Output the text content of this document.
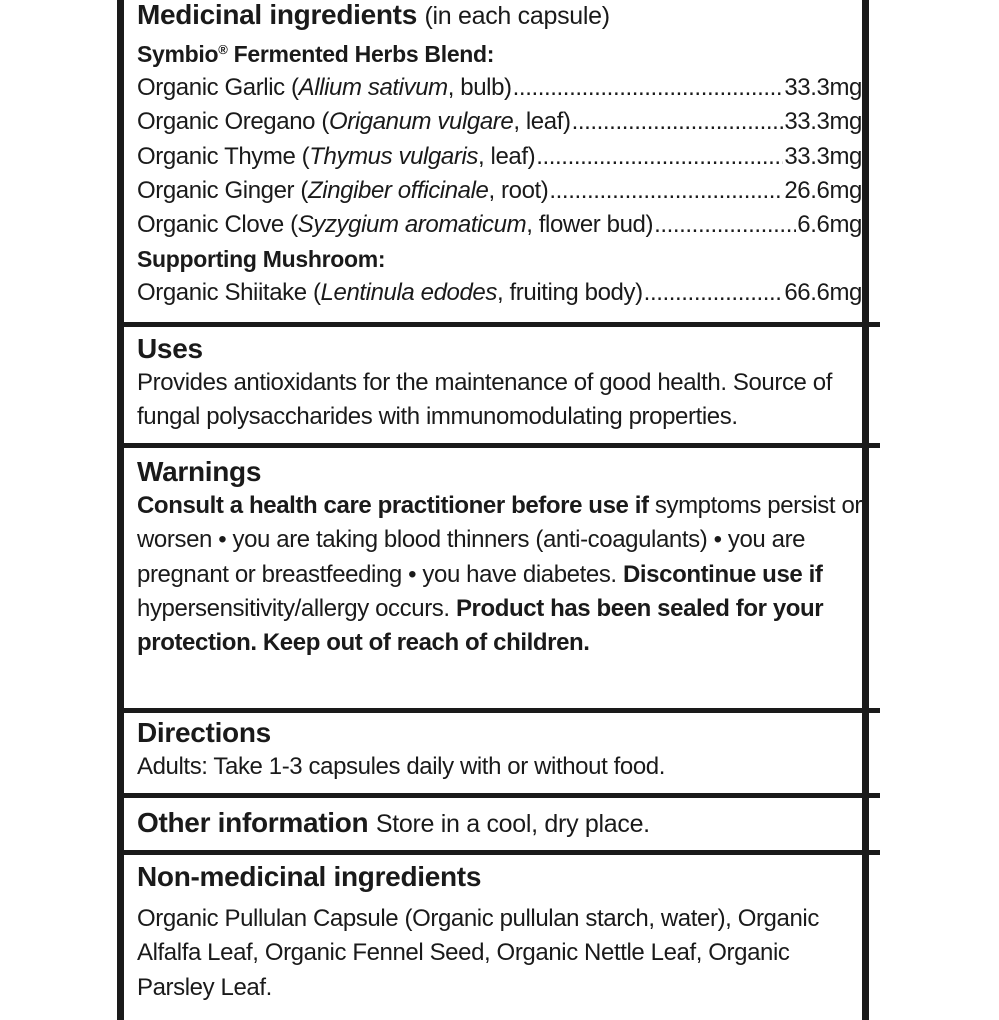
Medicinal ingredients (in each capsule)
Symbio® Fermented Herbs Blend:
Organic Garlic (Allium sativum, bulb) .....	33.3mg
Organic Oregano (Origanum vulgare, leaf) .....	33.3mg
Organic Thyme (Thymus vulgaris, leaf) .....	33.3mg
Organic Ginger (Zingiber officinale, root) .....	26.6mg
Organic Clove (Syzygium aromaticum, flower bud) .....	6.6mg
Supporting Mushroom:
Organic Shiitake (Lentinula edodes, fruiting body) .....	66.6mg
Uses
Provides antioxidants for the maintenance of good health. Source of fungal polysaccharides with immunomodulating properties.
Warnings
Consult a health care practitioner before use if symptoms persist or worsen • you are taking blood thinners (anti-coagulants) • you are pregnant or breastfeeding • you have diabetes. Discontinue use if hypersensitivity/allergy occurs. Product has been sealed for your protection. Keep out of reach of children.
Directions
Adults: Take 1-3 capsules daily with or without food.
Other information Store in a cool, dry place.
Non-medicinal ingredients
Organic Pullulan Capsule (Organic pullulan starch, water), Organic Alfalfa Leaf, Organic Fennel Seed, Organic Nettle Leaf, Organic Parsley Leaf.
